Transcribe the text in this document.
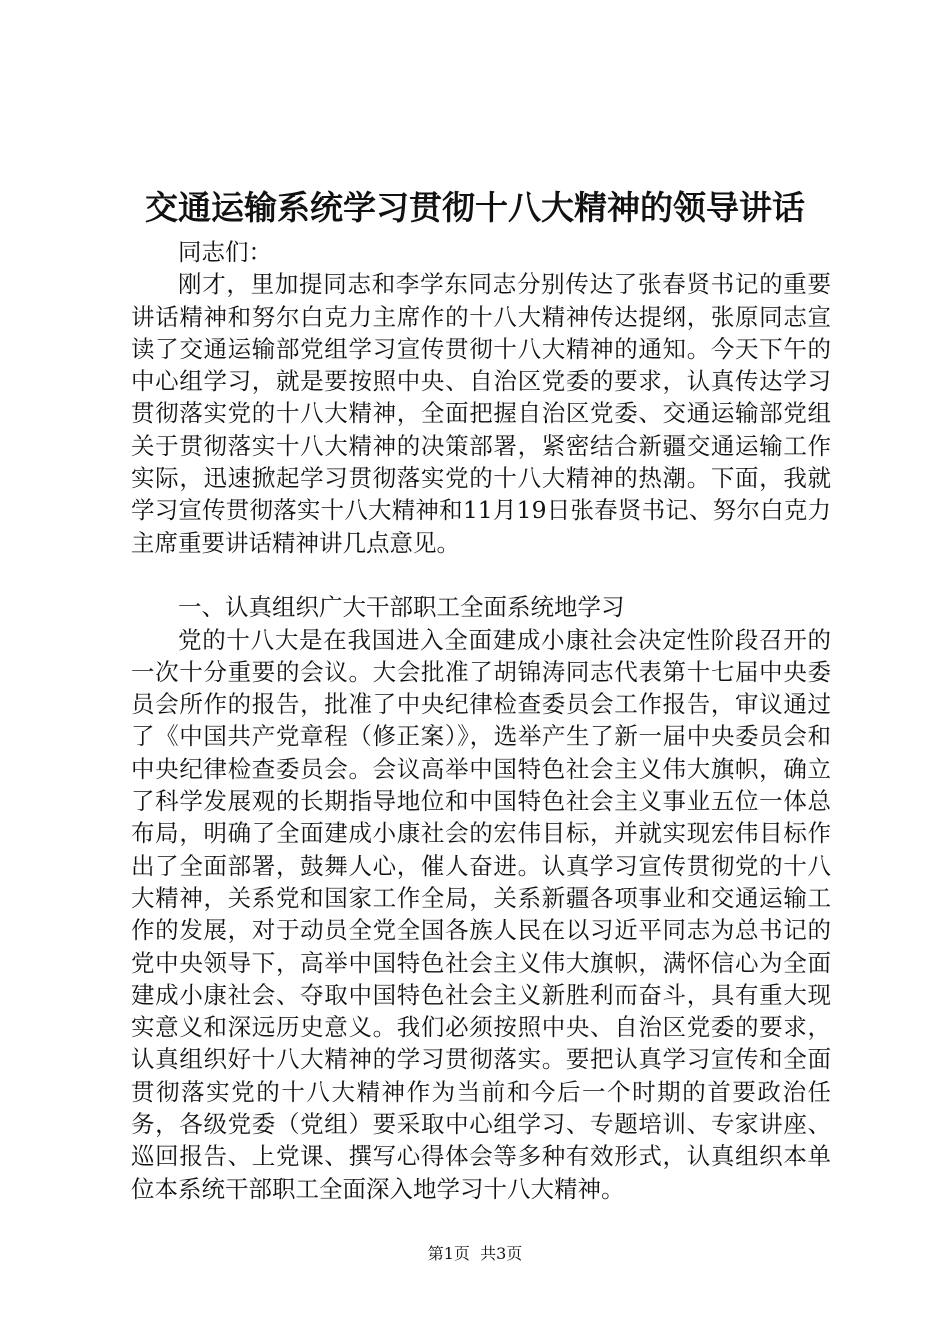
交通运输系统学习贯彻十八大精神的领导讲话

同志们：

刚才，里加提同志和李学东同志分别传达了张春贤书记的重要讲话精神和努尔白克力主席作的十八大精神传达提纲，张原同志宣读了交通运输部党组学习宣传贯彻十八大精神的通知。今天下午的中心组学习，就是要按照中央、自治区党委的要求，认真传达学习贯彻落实党的十八大精神，全面把握自治区党委、交通运输部党组关于贯彻落实十八大精神的决策部署，紧密结合新疆交通运输工作实际，迅速掀起学习贯彻落实党的十八大精神的热潮。下面，我就学习宣传贯彻落实十八大精神和11月19日张春贤书记、努尔白克力主席重要讲话精神讲几点意见。

一、认真组织广大干部职工全面系统地学习

党的十八大是在我国进入全面建成小康社会决定性阶段召开的一次十分重要的会议。大会批准了胡锦涛同志代表第十七届中央委员会所作的报告，批准了中央纪律检查委员会工作报告，审议通过了《中国共产党章程（修正案）》，选举产生了新一届中央委员会和中央纪律检查委员会。会议高举中国特色社会主义伟大旗帜，确立了科学发展观的长期指导地位和中国特色社会主义事业五位一体总布局，明确了全面建成小康社会的宏伟目标，并就实现宏伟目标作出了全面部署，鼓舞人心，催人奋进。认真学习宣传贯彻党的十八大精神，关系党和国家工作全局，关系新疆各项事业和交通运输工作的发展，对于动员全党全国各族人民在以习近平同志为总书记的党中央领导下，高举中国特色社会主义伟大旗帜，满怀信心为全面建成小康社会、夺取中国特色社会主义新胜利而奋斗，具有重大现实意义和深远历史意义。我们必须按照中央、自治区党委的要求，认真组织好十八大精神的学习贯彻落实。要把认真学习宣传和全面贯彻落实党的十八大精神作为当前和今后一个时期的首要政治任务，各级党委（党组）要采取中心组学习、专题培训、专家讲座、巡回报告、上党课、撰写心得体会等多种有效形式，认真组织本单位本系统干部职工全面深入地学习十八大精神。

第1页  共3页
